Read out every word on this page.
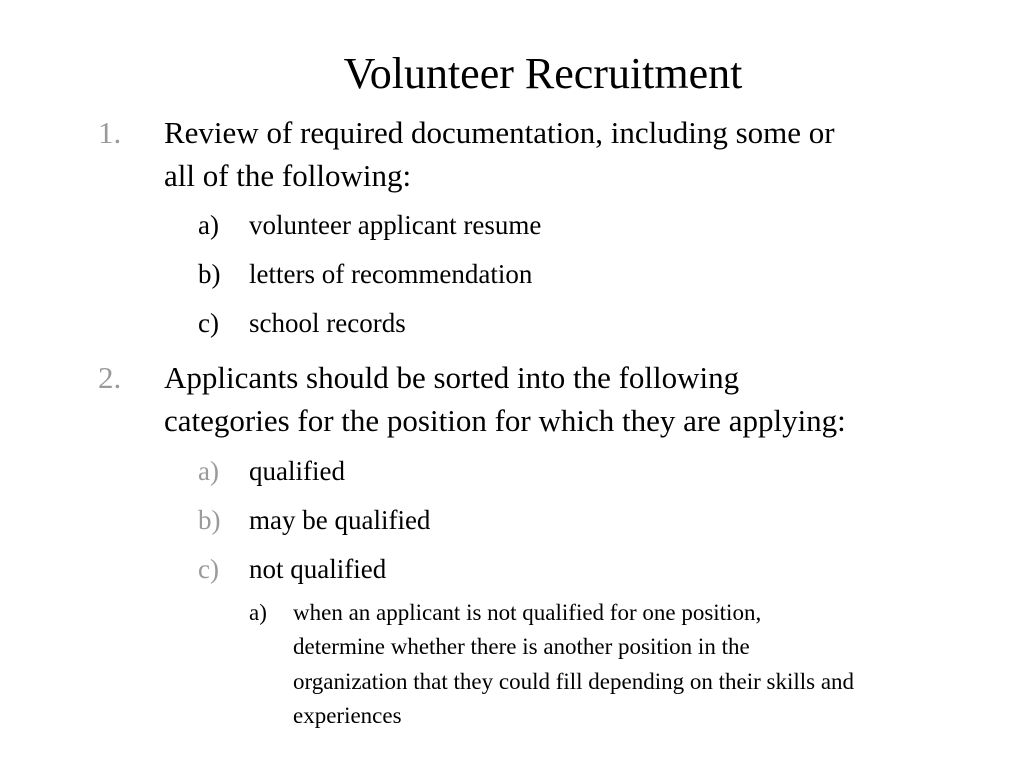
Volunteer Recruitment
1. Review of required documentation, including some or
all of the following:
a) volunteer applicant resume
b) letters of recommendation
c) school records
2. Applicants should be sorted into the following
categories for the position for which they are applying:
a) qualified
b) may be qualified
c) not qualified
a) when an applicant is not qualified for one position,
determine whether there is another position in the
organization that they could fill depending on their skills and
experiences
